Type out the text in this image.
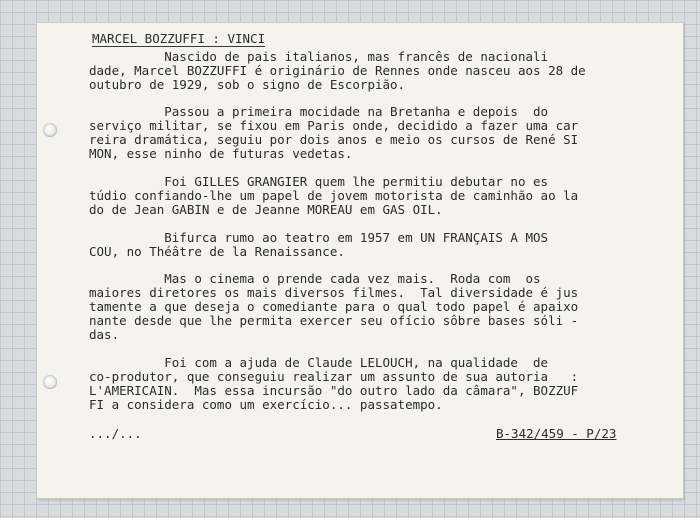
MARCEL BOZZUFFI : VINCI
Nascido de pais italianos, mas francês de nacionali
dade, Marcel BOZZUFFI é originário de Rennes onde nasceu aos 28 de
outubro de 1929, sob o signo de Escorpião.
Passou a primeira mocidade na Bretanha e depois  do
serviço militar, se fixou em Paris onde, decidido a fazer uma car
reira dramática, seguiu por dois anos e meio os cursos de René SI
MON, esse ninho de futuras vedetas.
Foi GILLES GRANGIER quem lhe permitiu debutar no es
túdio confiando-lhe um papel de jovem motorista de caminhão ao la
do de Jean GABIN e de Jeanne MOREAU em GAS OIL.
Bifurca rumo ao teatro em 1957 em UN FRANÇAIS A MOS
COU, no Théâtre de la Renaissance.
Mas o cinema o prende cada vez mais.  Roda com  os
maiores diretores os mais diversos filmes.  Tal diversidade é jus
tamente a que deseja o comediante para o qual todo papel é apaixo
nante desde que lhe permita exercer seu ofício sôbre bases sóli -
das.
Foi com a ajuda de Claude LELOUCH, na qualidade  de
co-produtor, que conseguiu realizar um assunto de sua autoria   :
L'AMERICAIN.  Mas essa incursão "do outro lado da câmara", BOZZUF
FI a considera como um exercício... passatempo.
.../...	B-342/459 - P/23
